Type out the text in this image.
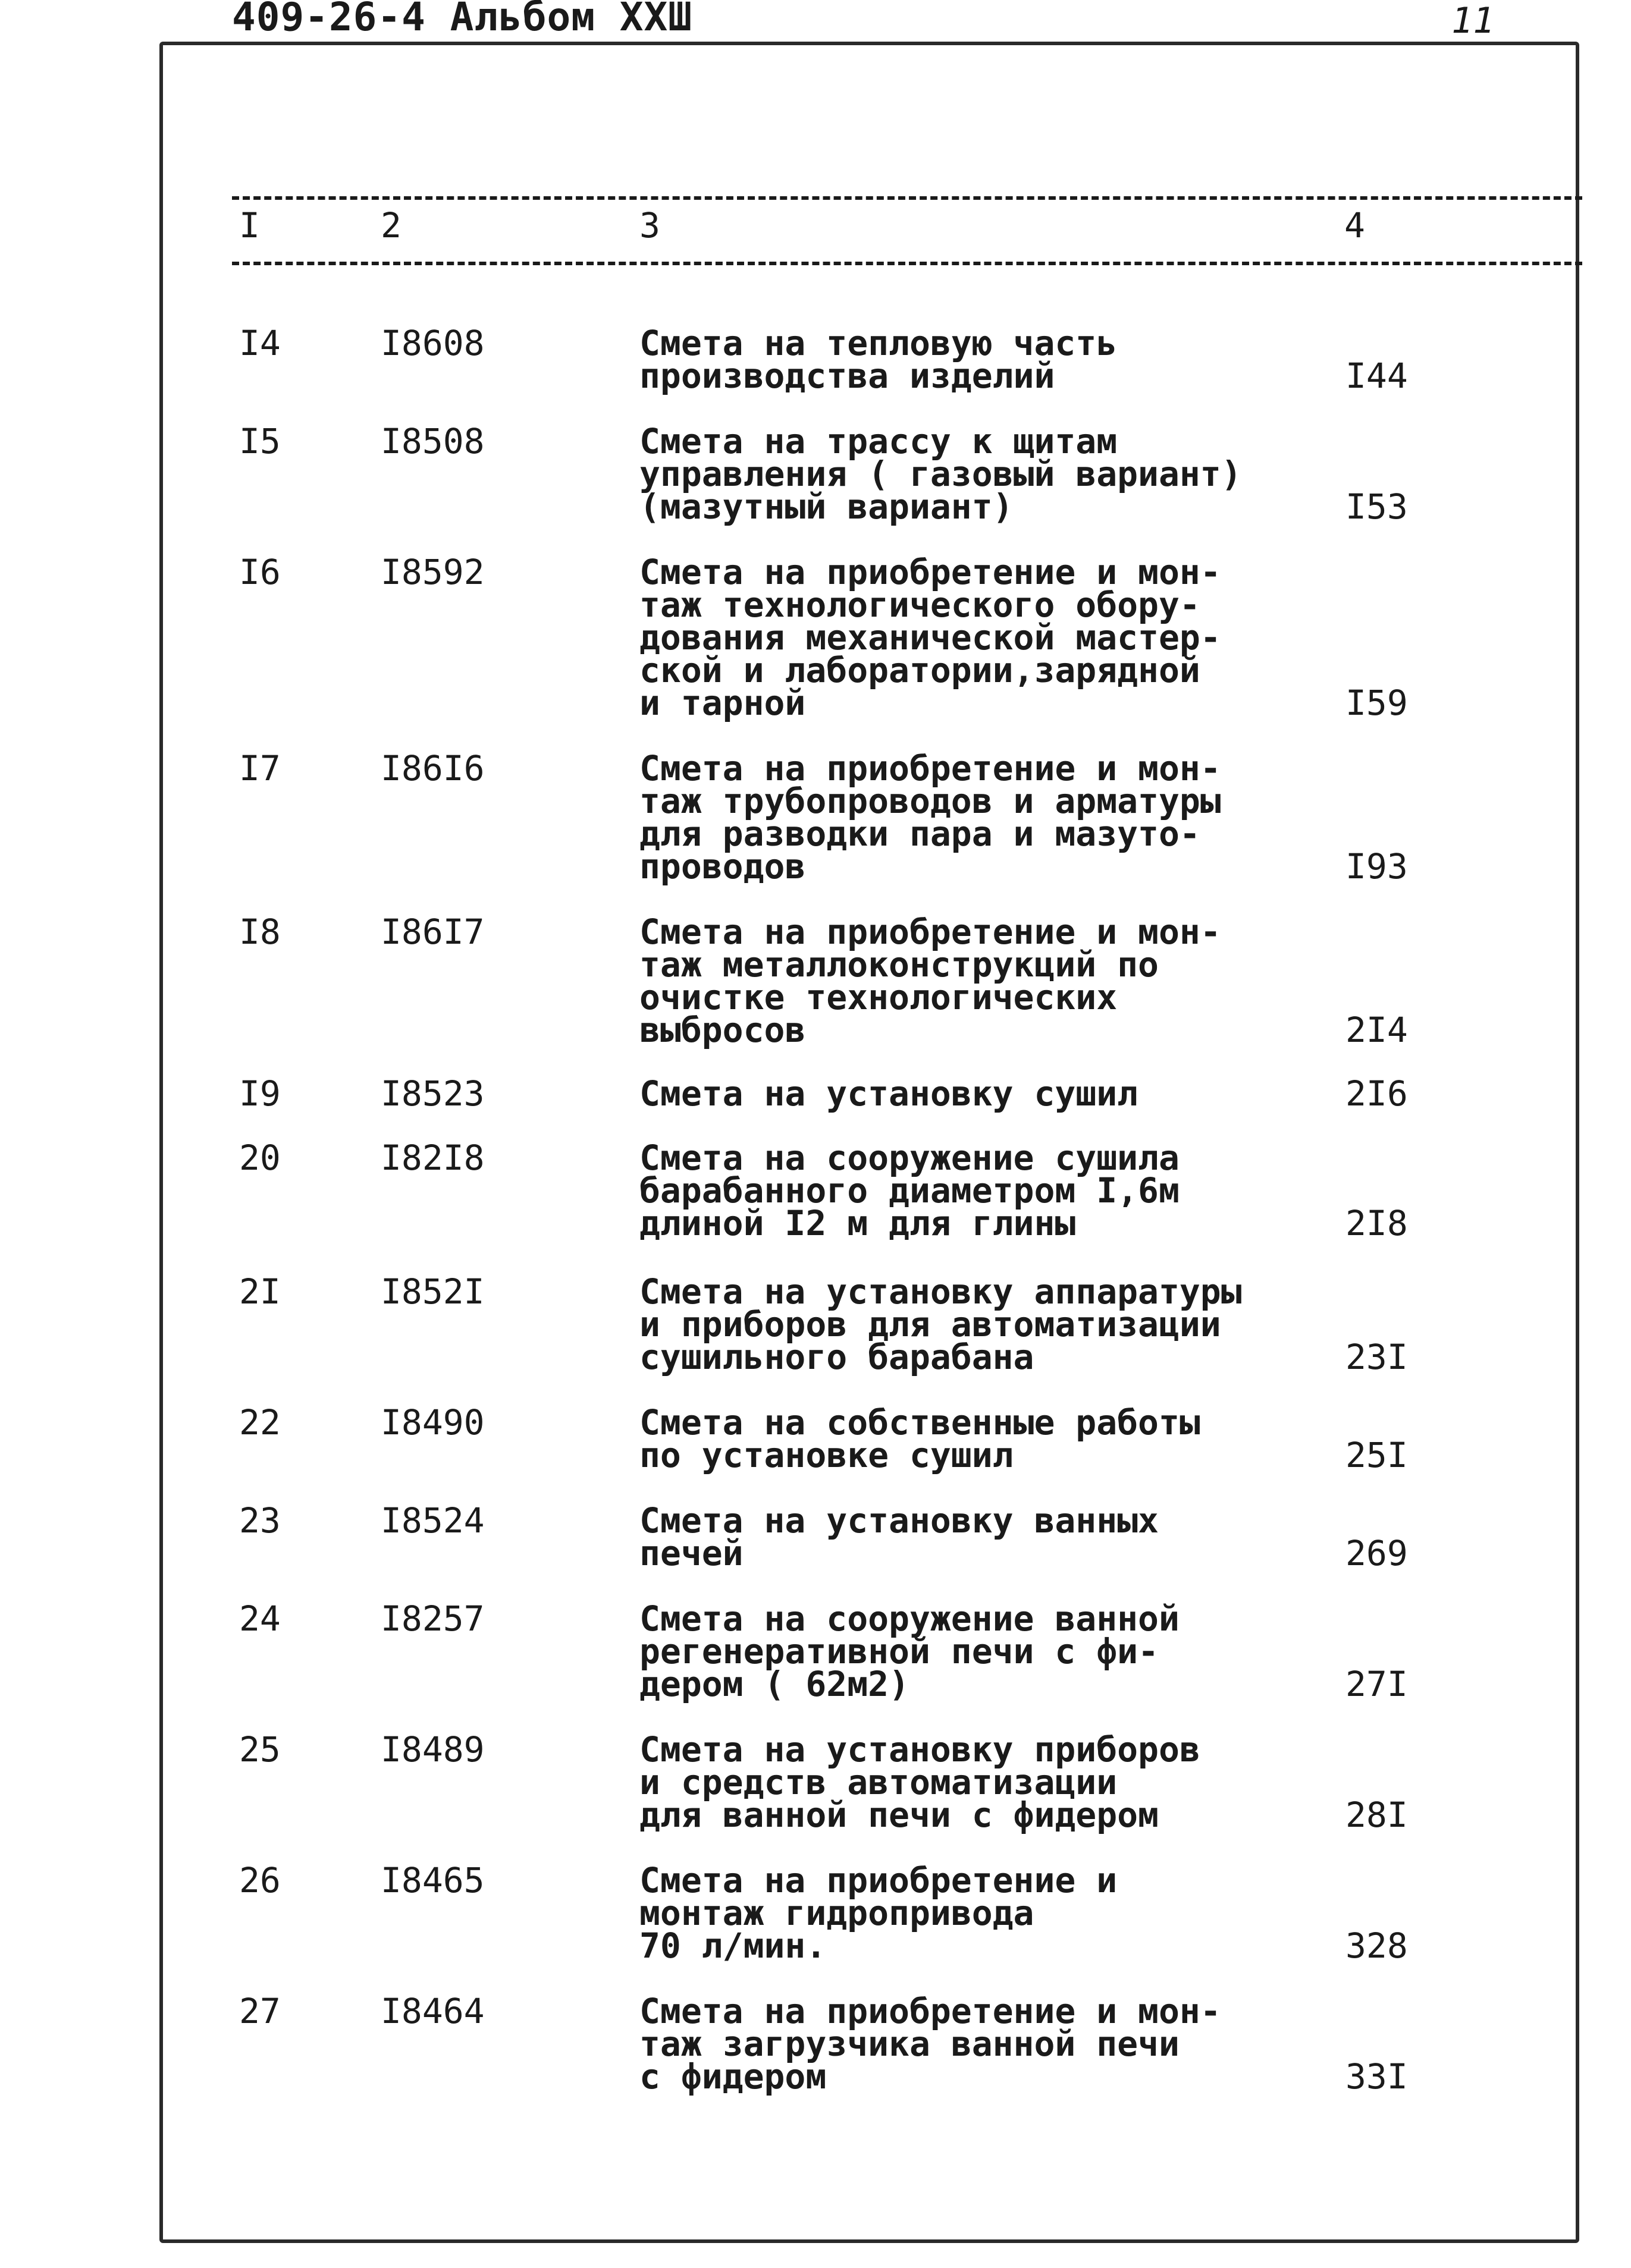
409-26-4 Альбом XXШ	11
I	2	3	4
I4	I8608	Смета на тепловую часть
производства изделий	I44
I5	I8508	Смета на трассу к щитам
управления ( газовый вариант)
(мазутный вариант)	I53
I6	I8592	Смета на приобретение и мон-
таж технологического обору-
дования механической мастер-
ской и лаборатории,зарядной
и тарной	I59
I7	I86I6	Смета на приобретение и мон-
таж трубопроводов и арматуры
для разводки пара и мазуто-
проводов	I93
I8	I86I7	Смета на приобретение и мон-
таж металлоконструкций по
очистке технологических
выбросов	2I4
I9	I8523	Смета на установку сушил	2I6
20	I82I8	Смета на сооружение сушила
барабанного диаметром I,6м
длиной I2 м для глины	2I8
2I	I852I	Смета на установку аппаратуры
и приборов для автоматизации
сушильного барабана	23I
22	I8490	Смета на собственные работы
по установке сушил	25I
23	I8524	Смета на установку ванных
печей	269
24	I8257	Смета на сооружение ванной
регенеративной печи с фи-
дером ( 62м2)	27I
25	I8489	Смета на установку приборов
и средств автоматизации
для ванной печи с фидером	28I
26	I8465	Смета на приобретение и
монтаж гидропривода
70 л/мин.	328
27	I8464	Смета на приобретение и мон-
таж загрузчика ванной печи
с фидером	33I
